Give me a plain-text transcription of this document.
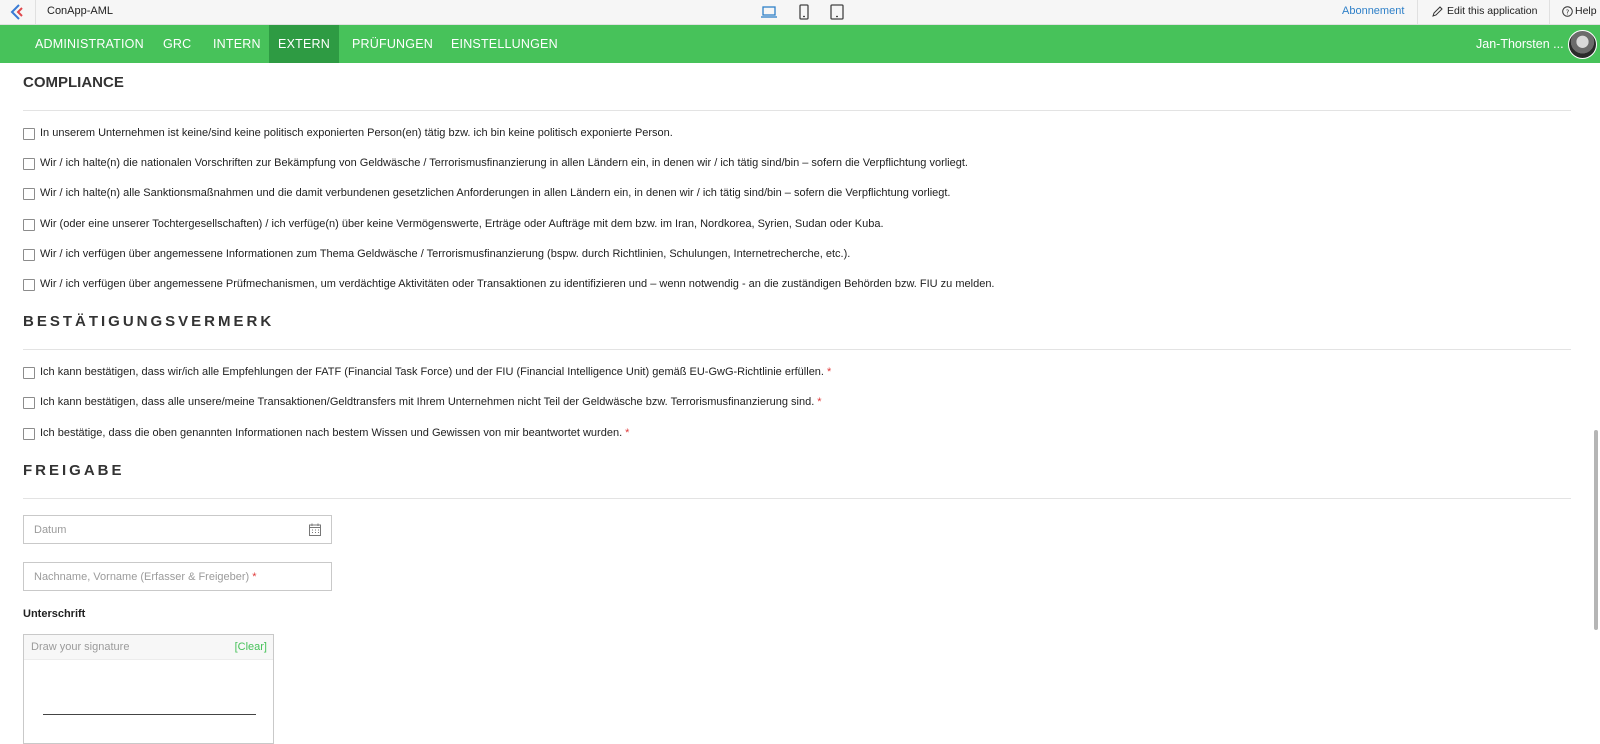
ConApp-AML	Abonnement	Edit this application	? Help
ADMINISTRATION	GRC	INTERN	EXTERN	PRÜFUNGEN	EINSTELLUNGEN	Jan-Thorsten ...
COMPLIANCE
In unserem Unternehmen ist keine/sind keine politisch exponierten Person(en) tätig bzw. ich bin keine politisch exponierte Person.
Wir / ich halte(n) die nationalen Vorschriften zur Bekämpfung von Geldwäsche / Terrorismusfinanzierung in allen Ländern ein, in denen wir / ich tätig sind/bin – sofern die Verpflichtung vorliegt.
Wir / ich halte(n) alle Sanktionsmaßnahmen und die damit verbundenen gesetzlichen Anforderungen in allen Ländern ein, in denen wir / ich tätig sind/bin – sofern die Verpflichtung vorliegt.
Wir (oder eine unserer Tochtergesellschaften) / ich verfüge(n) über keine Vermögenswerte, Erträge oder Aufträge mit dem bzw. im Iran, Nordkorea, Syrien, Sudan oder Kuba.
Wir / ich verfügen über angemessene Informationen zum Thema Geldwäsche / Terrorismusfinanzierung (bspw. durch Richtlinien, Schulungen, Internetrecherche, etc.).
Wir / ich verfügen über angemessene Prüfmechanismen, um verdächtige Aktivitäten oder Transaktionen zu identifizieren und – wenn notwendig - an die zuständigen Behörden bzw. FIU zu melden.
BESTÄTIGUNGSVERMERK
Ich kann bestätigen, dass wir/ich alle Empfehlungen der FATF (Financial Task Force) und der FIU (Financial Intelligence Unit) gemäß EU-GwG-Richtlinie erfüllen. *
Ich kann bestätigen, dass alle unsere/meine Transaktionen/Geldtransfers mit Ihrem Unternehmen nicht Teil der Geldwäsche bzw. Terrorismusfinanzierung sind. *
Ich bestätige, dass die oben genannten Informationen nach bestem Wissen und Gewissen von mir beantwortet wurden. *
FREIGABE
Datum
Nachname, Vorname (Erfasser & Freigeber) *
Unterschrift
Draw your signature	[Clear]
